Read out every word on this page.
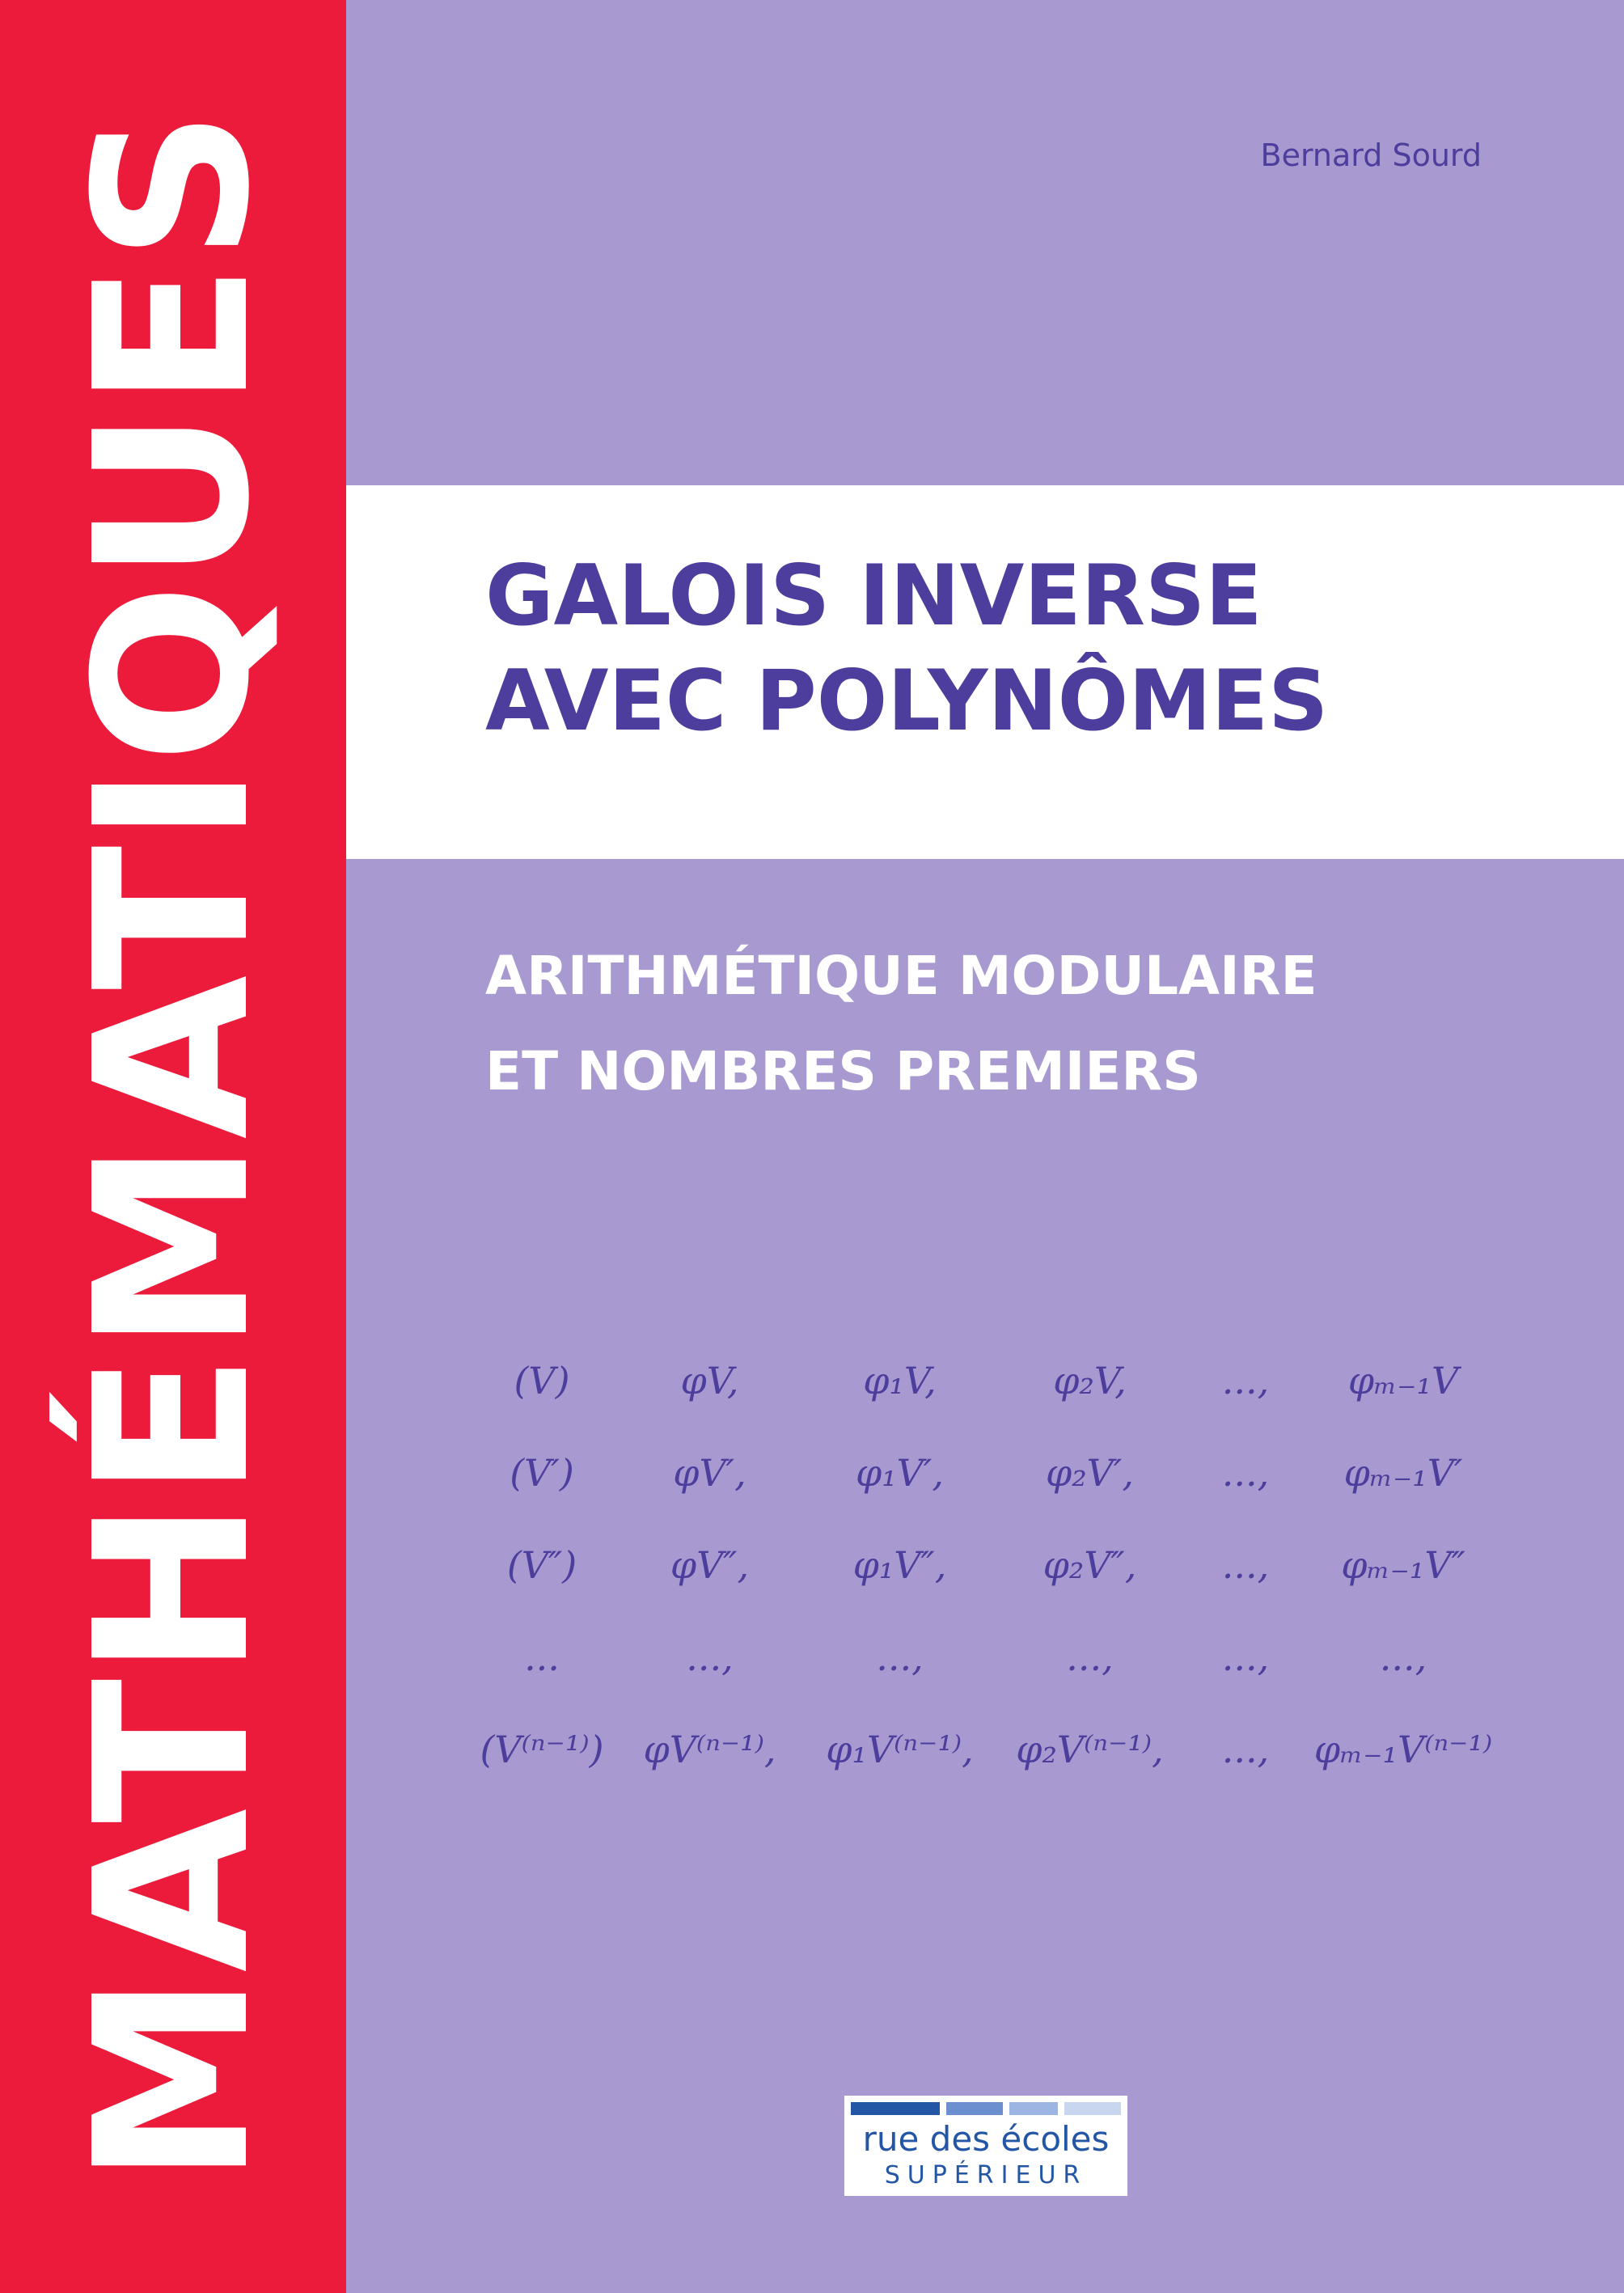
MATHÉMATIQUES	Bernard Sourd
GALOIS INVERSE
AVEC POLYNÔMES
ARITHMÉTIQUE MODULAIRE
ET NOMBRES PREMIERS
(V)	φV,	φ₁V,	φ₂V,	...,	φₘ₋₁V
(V′)	φV′,	φ₁V′,	φ₂V′,	...,	φₘ₋₁V′
(V″)	φV″,	φ₁V″,	φ₂V″,	...,	φₘ₋₁V″
...	...,	...,	...,	...,	...,
(V⁽ⁿ⁻¹⁾)	φV⁽ⁿ⁻¹⁾,	φ₁V⁽ⁿ⁻¹⁾,	φ₂V⁽ⁿ⁻¹⁾,	...,	φₘ₋₁V⁽ⁿ⁻¹⁾
rue des écoles
SUPÉRIEUR
